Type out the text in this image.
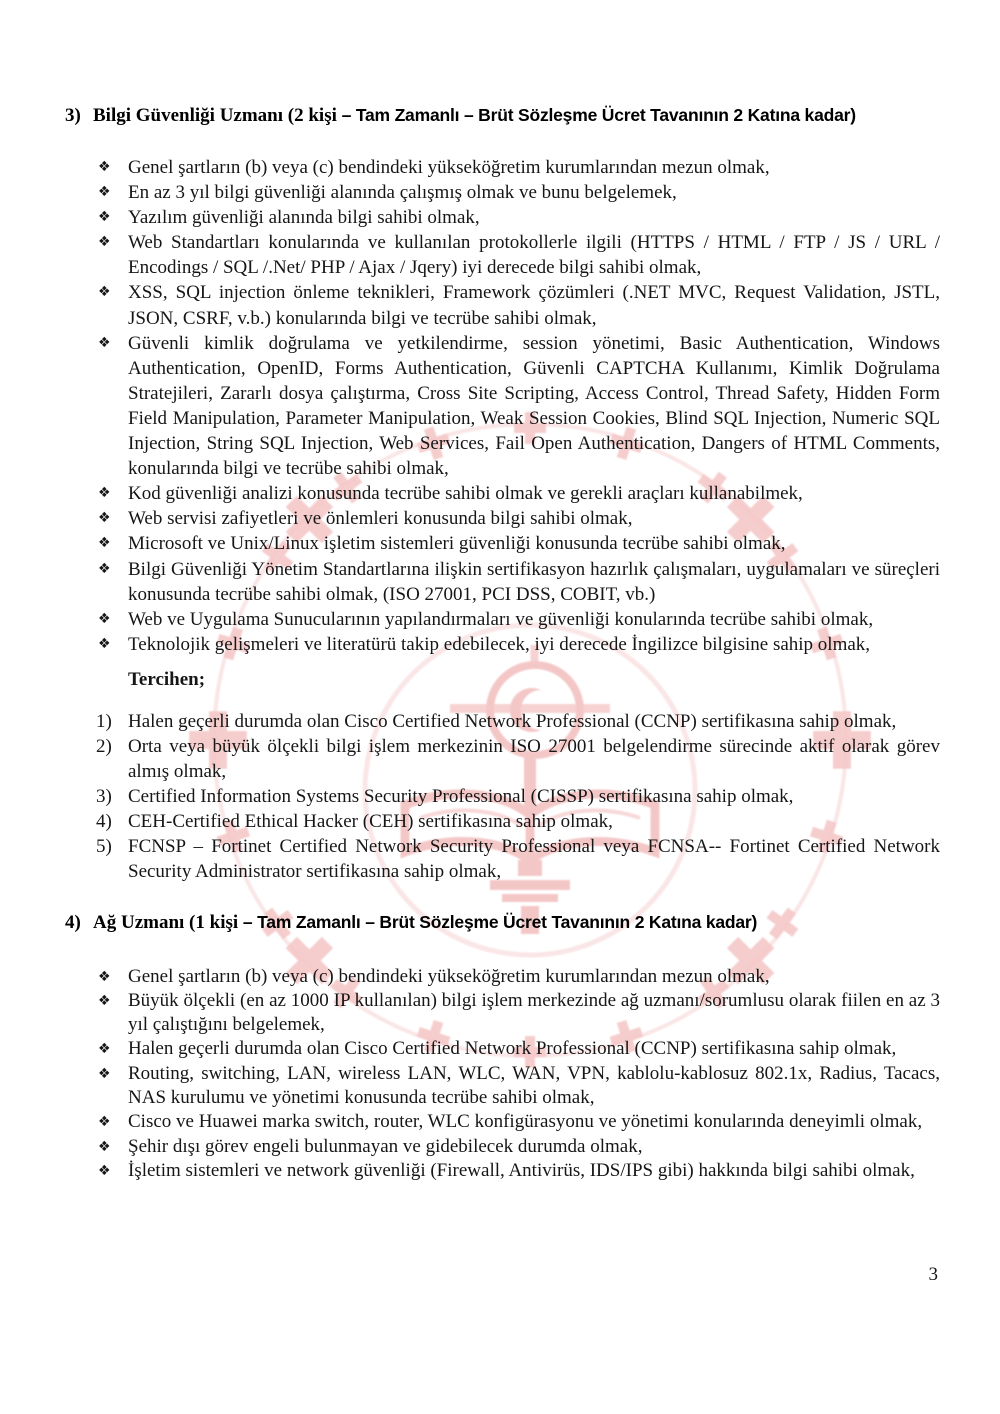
3) Bilgi Güvenliği Uzmanı (2 kişi – Tam Zamanlı – Brüt Sözleşme Ücret Tavanının 2 Katına kadar)
❖ Genel şartların (b) veya (c) bendindeki yükseköğretim kurumlarından mezun olmak,
❖ En az 3 yıl bilgi güvenliği alanında çalışmış olmak ve bunu belgelemek,
❖ Yazılım güvenliği alanında bilgi sahibi olmak,
❖ Web Standartları konularında ve kullanılan protokollerle ilgili (HTTPS / HTML / FTP / JS / URL / Encodings / SQL /.Net/ PHP / Ajax / Jqery) iyi derecede bilgi sahibi olmak,
❖ XSS, SQL injection önleme teknikleri, Framework çözümleri (.NET MVC, Request Validation, JSTL, JSON, CSRF, v.b.) konularında bilgi ve tecrübe sahibi olmak,
❖ Güvenli kimlik doğrulama ve yetkilendirme, session yönetimi, Basic Authentication, Windows Authentication, OpenID, Forms Authentication, Güvenli CAPTCHA Kullanımı, Kimlik Doğrulama Stratejileri, Zararlı dosya çalıştırma, Cross Site Scripting, Access Control, Thread Safety, Hidden Form Field Manipulation, Parameter Manipulation, Weak Session Cookies, Blind SQL Injection, Numeric SQL Injection, String SQL Injection, Web Services, Fail Open Authentication, Dangers of HTML Comments, konularında bilgi ve tecrübe sahibi olmak,
❖ Kod güvenliği analizi konusunda tecrübe sahibi olmak ve gerekli araçları kullanabilmek,
❖ Web servisi zafiyetleri ve önlemleri konusunda bilgi sahibi olmak,
❖ Microsoft ve Unix/Linux işletim sistemleri güvenliği konusunda tecrübe sahibi olmak,
❖ Bilgi Güvenliği Yönetim Standartlarına ilişkin sertifikasyon hazırlık çalışmaları, uygulamaları ve süreçleri konusunda tecrübe sahibi olmak, (ISO 27001, PCI DSS, COBIT, vb.)
❖ Web ve Uygulama Sunucularının yapılandırmaları ve güvenliği konularında tecrübe sahibi olmak,
❖ Teknolojik gelişmeleri ve literatürü takip edebilecek, iyi derecede İngilizce bilgisine sahip olmak,
Tercihen;
1) Halen geçerli durumda olan Cisco Certified Network Professional (CCNP) sertifikasına sahip olmak,
2) Orta veya büyük ölçekli bilgi işlem merkezinin ISO 27001 belgelendirme sürecinde aktif olarak görev almış olmak,
3) Certified Information Systems Security Professional (CISSP) sertifikasına sahip olmak,
4) CEH-Certified Ethical Hacker (CEH) sertifikasına sahip olmak,
5) FCNSP – Fortinet Certified Network Security Professional veya FCNSA-- Fortinet Certified Network Security Administrator sertifikasına sahip olmak,
4) Ağ Uzmanı (1 kişi – Tam Zamanlı – Brüt Sözleşme Ücret Tavanının 2 Katına kadar)
❖ Genel şartların (b) veya (c) bendindeki yükseköğretim kurumlarından mezun olmak,
❖ Büyük ölçekli (en az 1000 IP kullanılan) bilgi işlem merkezinde ağ uzmanı/sorumlusu olarak fiilen en az 3 yıl çalıştığını belgelemek,
❖ Halen geçerli durumda olan Cisco Certified Network Professional (CCNP) sertifikasına sahip olmak,
❖ Routing, switching, LAN, wireless LAN, WLC, WAN, VPN, kablolu-kablosuz 802.1x, Radius, Tacacs, NAS kurulumu ve yönetimi konusunda tecrübe sahibi olmak,
❖ Cisco ve Huawei marka switch, router, WLC konfigürasyonu ve yönetimi konularında deneyimli olmak,
❖ Şehir dışı görev engeli bulunmayan ve gidebilecek durumda olmak,
❖ İşletim sistemleri ve network güvenliği (Firewall, Antivirüs, IDS/IPS gibi) hakkında bilgi sahibi olmak,
3
